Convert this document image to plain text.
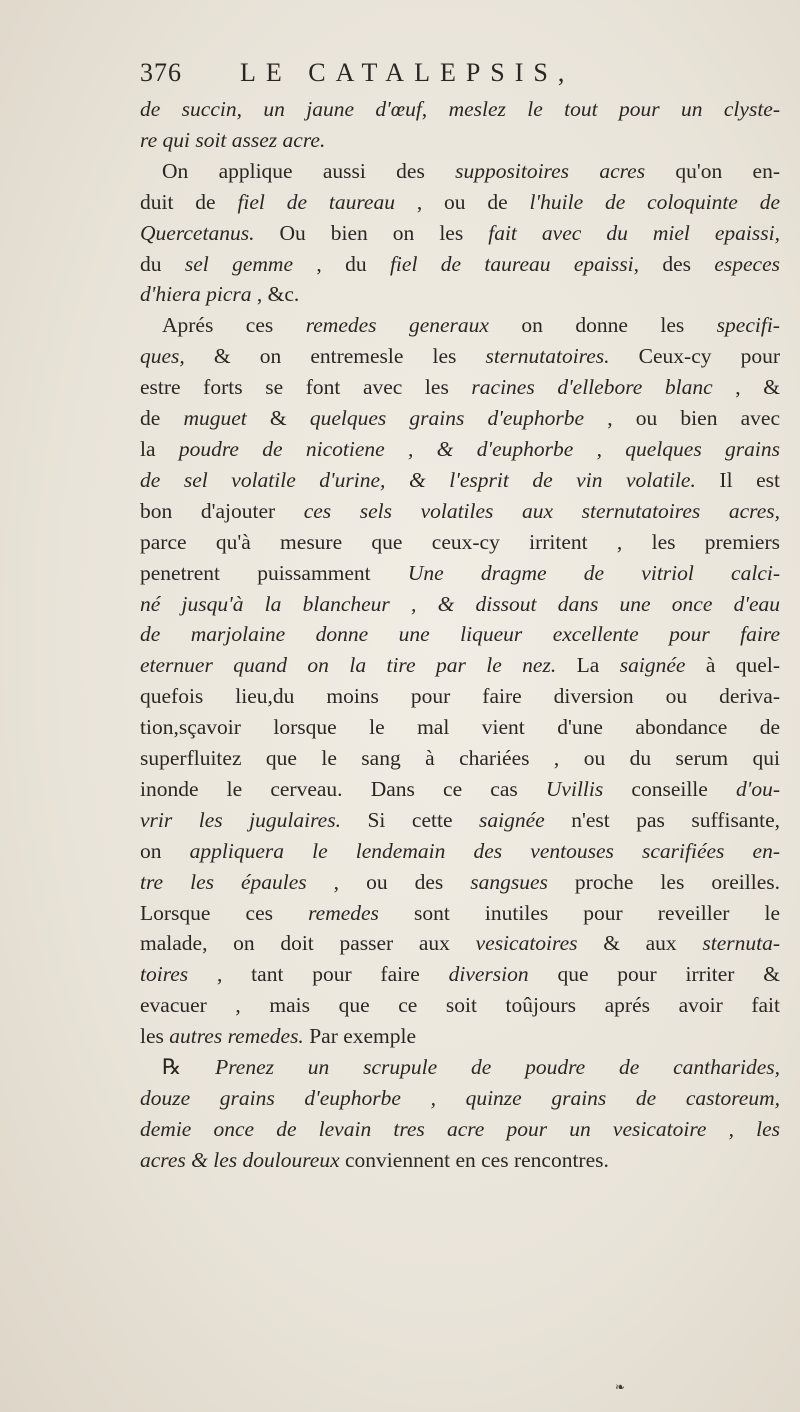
376 LE CATALEPSIS,
de succin, un jaune d'œuf, meslez le tout pour un clyste-
re qui soit assez acre.
On applique aussi des suppositoires acres qu'on en-
duit de fiel de taureau , ou de l'huile de coloquinte de
Quercetanus. Ou bien on les fait avec du miel epaissi,
du sel gemme , du fiel de taureau epaissi, des especes
d'hiera picra , &c.
Aprés ces remedes generaux on donne les specifi-
ques, & on entremesle les sternutatoires. Ceux-cy pour
estre forts se font avec les racines d'ellebore blanc , &
de muguet & quelques grains d'euphorbe , ou bien avec
la poudre de nicotiene , & d'euphorbe , quelques grains
de sel volatile d'urine, & l'esprit de vin volatile. Il est
bon d'ajouter ces sels volatiles aux sternutatoires acres,
parce qu'à mesure que ceux-cy irritent , les premiers
penetrent puissamment Une dragme de vitriol calci-
né jusqu'à la blancheur , & dissout dans une once d'eau
de marjolaine donne une liqueur excellente pour faire
eternuer quand on la tire par le nez. La saignée à quel-
quefois lieu,du moins pour faire diversion ou deriva-
tion,sçavoir lorsque le mal vient d'une abondance de
superfluitez que le sang à chariées , ou du serum qui
inonde le cerveau. Dans ce cas Uvillis conseille d'ou-
vrir les jugulaires. Si cette saignée n'est pas suffisante,
on appliquera le lendemain des ventouses scarifiées en-
tre les épaules , ou des sangsues proche les oreilles.
Lorsque ces remedes sont inutiles pour reveiller le
malade, on doit passer aux vesicatoires & aux sternuta-
toires , tant pour faire diversion que pour irriter &
evacuer , mais que ce soit toûjours aprés avoir fait
les autres remedes. Par exemple
℞ Prenez un scrupule de poudre de cantharides,
douze grains d'euphorbe , quinze grains de castoreum,
demie once de levain tres acre pour un vesicatoire , les
acres & les douloureux conviennent en ces rencontres.
❧
